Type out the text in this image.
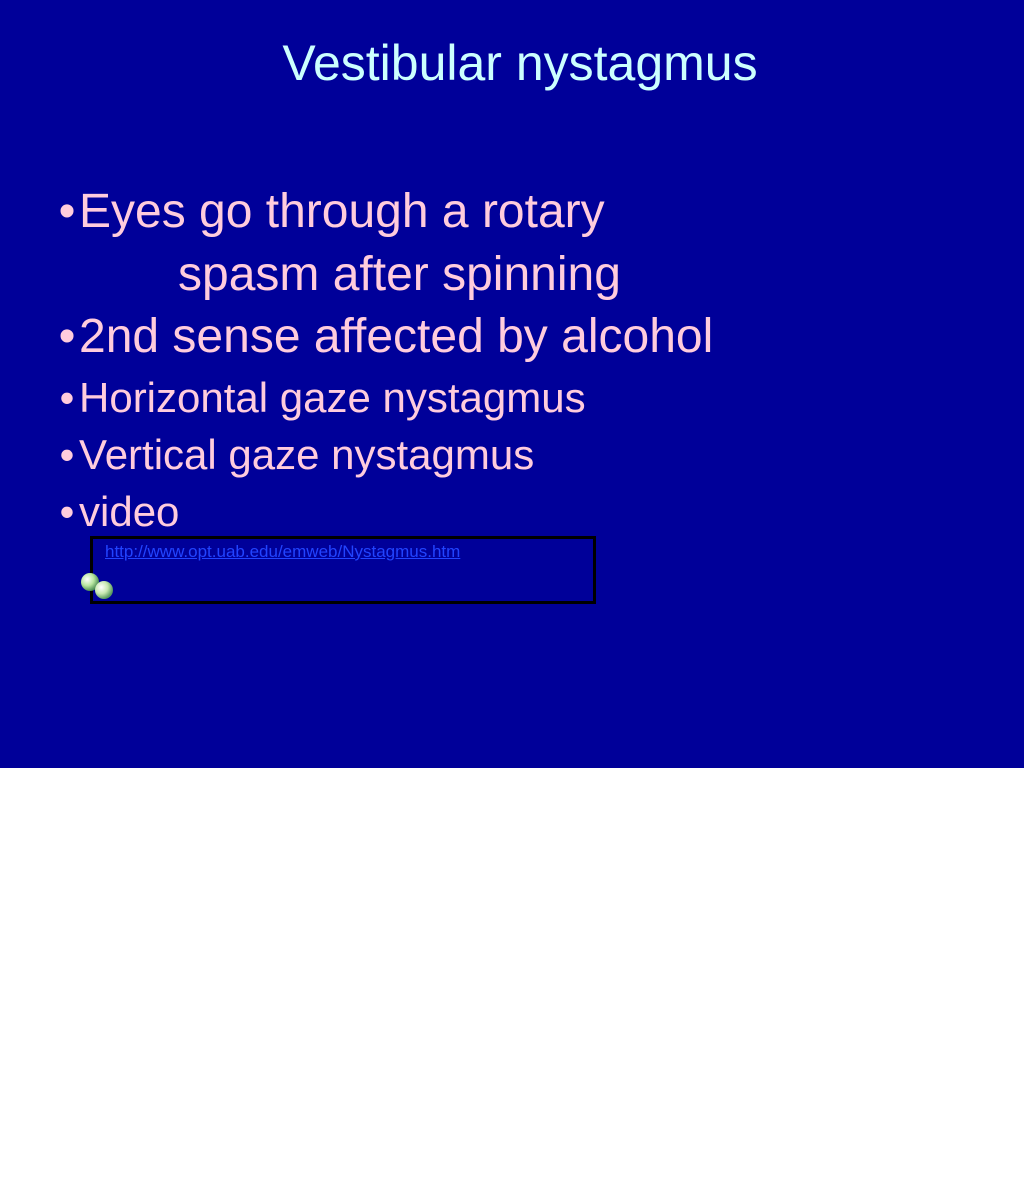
Vestibular nystagmus
•Eyes go through a rotary
spasm after spinning
•2nd sense affected by alcohol
• Horizontal gaze nystagmus
• Vertical gaze nystagmus
• video
http://www.opt.uab.edu/emweb/Nystagmus.htm
